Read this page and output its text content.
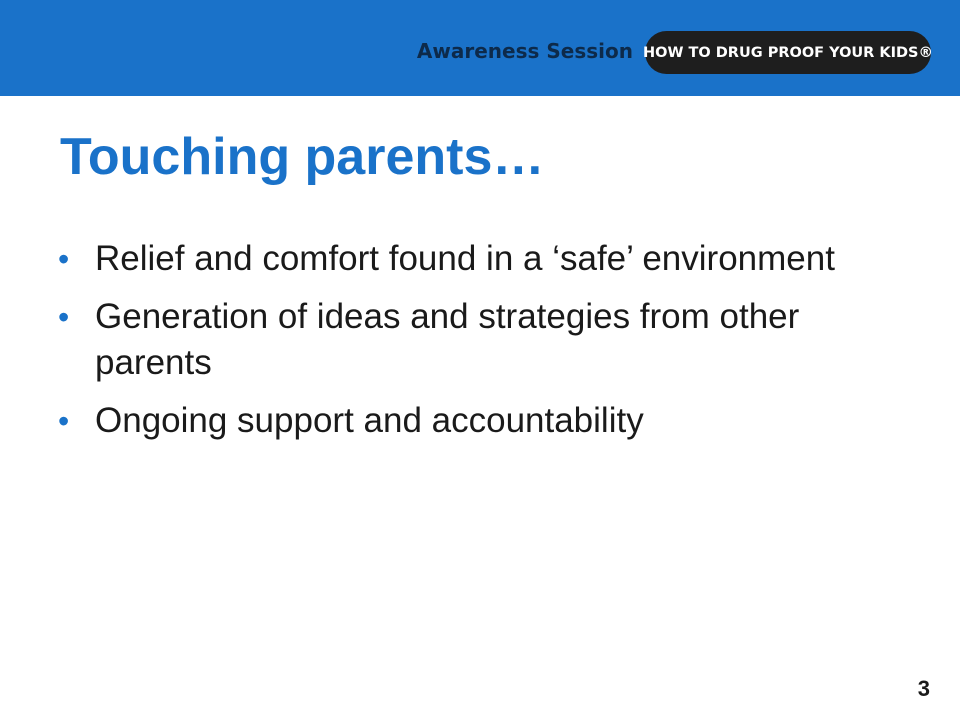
Awareness Session HOW TO DRUG PROOF YOUR KIDS®
Touching parents…
• Relief and comfort found in a ‘safe’ environment
• Generation of ideas and strategies from other parents
• Ongoing support and accountability
3
